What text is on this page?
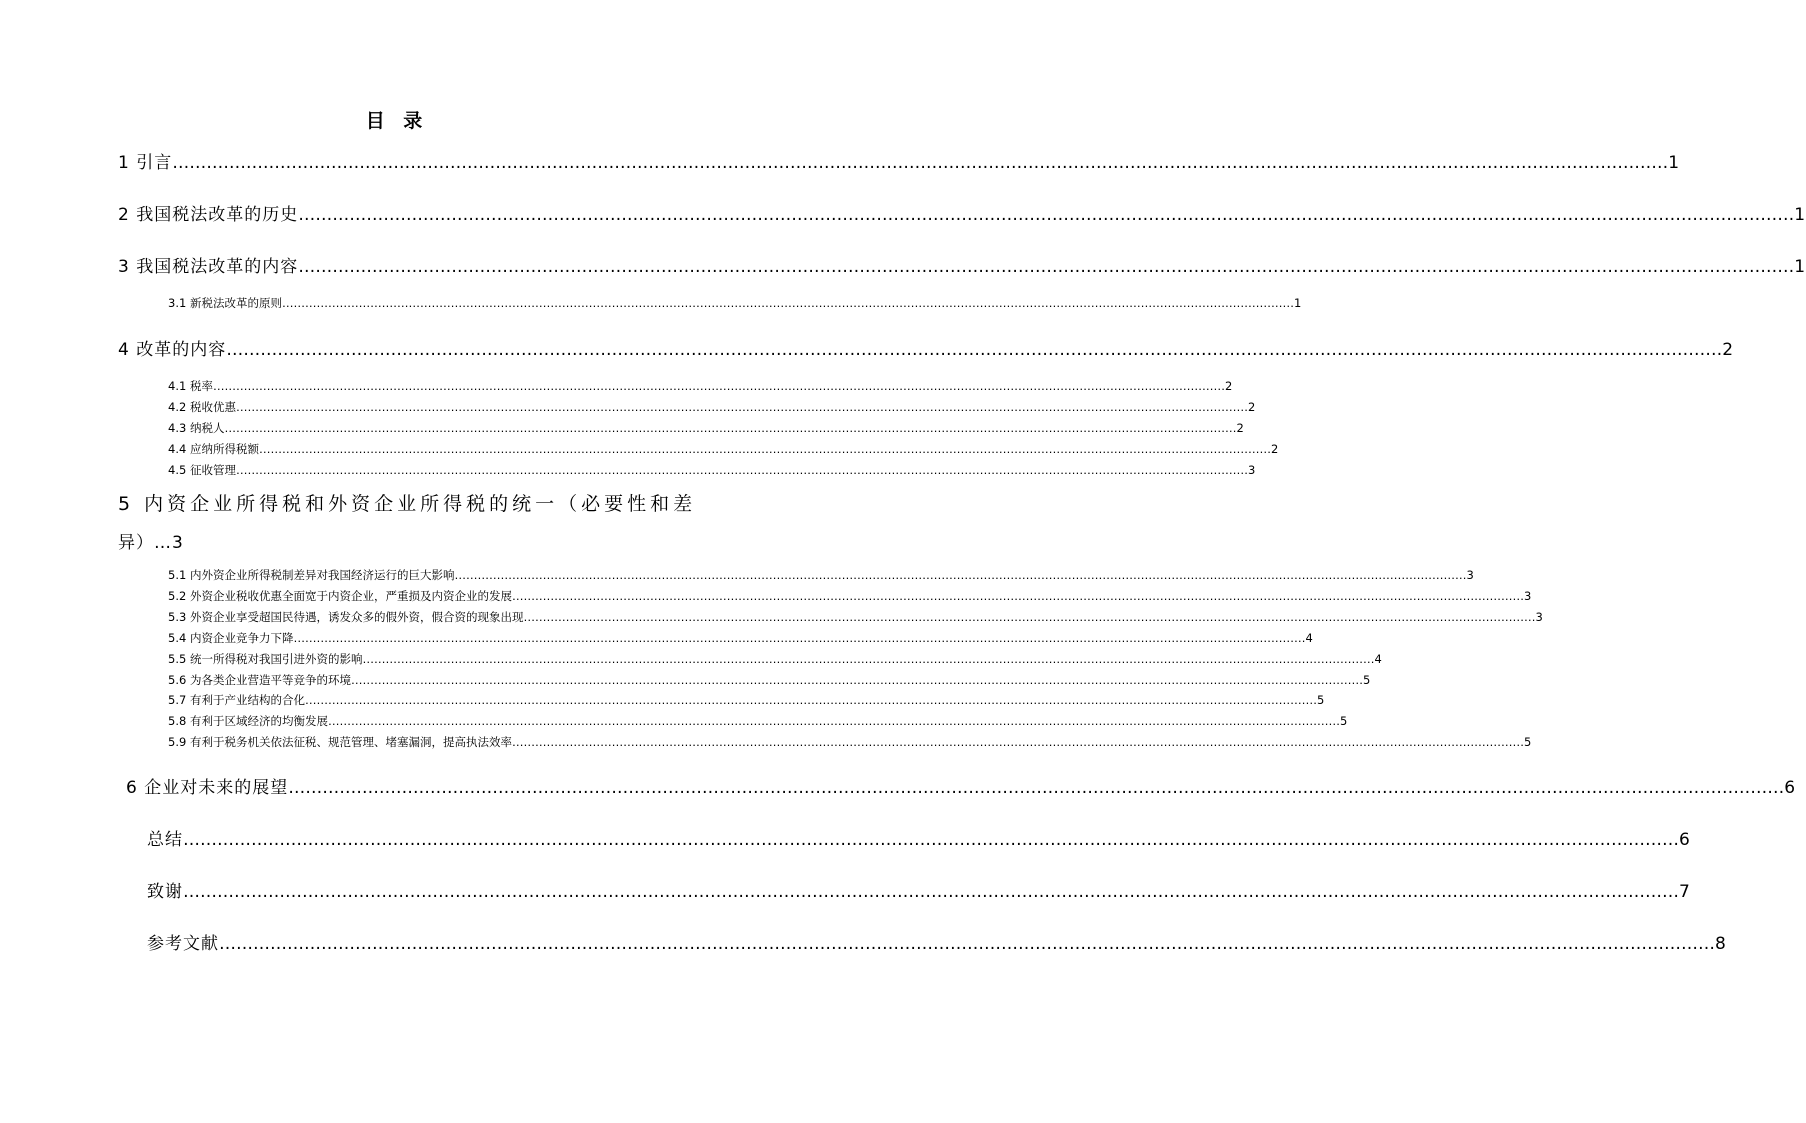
目 录
1 引言 ………………………………………………………………………………………………………………………………………………………………………………………………………………………………………… 1
2 我国税法改革的历史 ………………………………………………………………………………………………………………………………………………………………………………………………………………………………………… 1
3 我国税法改革的内容 ………………………………………………………………………………………………………………………………………………………………………………………………………………………………………… 1
3.1 新税法改革的原则 ………………………………………………………………………………………………………………………………………………………………………………………………………………………………………… 1
4 改革的内容 ………………………………………………………………………………………………………………………………………………………………………………………………………………………………………… 2
4.1 税率 ………………………………………………………………………………………………………………………………………………………………………………………………………………………………………… 2
4.2 税收优惠 ………………………………………………………………………………………………………………………………………………………………………………………………………………………………………… 2
4.3 纳税人 ………………………………………………………………………………………………………………………………………………………………………………………………………………………………………… 2
4.4 应纳所得税额 ………………………………………………………………………………………………………………………………………………………………………………………………………………………………………… 2
4.5 征收管理 ………………………………………………………………………………………………………………………………………………………………………………………………………………………………………… 3
5 内资企业所得税和外资企业所得税的统一（必要性和差
异）…3
5.1 内外资企业所得税制差异对我国经济运行的巨大影响 ………………………………………………………………………………………………………………………………………………………………………………………………………………………………………… 3
5.2 外资企业税收优惠全面宽于内资企业，严重损及内资企业的发展 ………………………………………………………………………………………………………………………………………………………………………………………………………………………………………… 3
5.3 外资企业享受超国民待遇，诱发众多的假外资，假合资的现象出现 ………………………………………………………………………………………………………………………………………………………………………………………………………………………………………… 3
5.4 内资企业竞争力下降 ………………………………………………………………………………………………………………………………………………………………………………………………………………………………………… 4
5.5 统一所得税对我国引进外资的影响 ………………………………………………………………………………………………………………………………………………………………………………………………………………………………………… 4
5.6 为各类企业营造平等竞争的环境 ………………………………………………………………………………………………………………………………………………………………………………………………………………………………………… 5
5.7 有利于产业结构的合化 ………………………………………………………………………………………………………………………………………………………………………………………………………………………………………… 5
5.8 有利于区域经济的均衡发展 ………………………………………………………………………………………………………………………………………………………………………………………………………………………………………… 5
5.9 有利于税务机关依法征税、规范管理、堵塞漏洞，提高执法效率 ………………………………………………………………………………………………………………………………………………………………………………………………………………………………………… 5
6 企业对未来的展望 ………………………………………………………………………………………………………………………………………………………………………………………………………………………………………… 6
总结 ………………………………………………………………………………………………………………………………………………………………………………………………………………………………………… 6
致谢 ………………………………………………………………………………………………………………………………………………………………………………………………………………………………………… 7
参考文献 ………………………………………………………………………………………………………………………………………………………………………………………………………………………………………… 8
